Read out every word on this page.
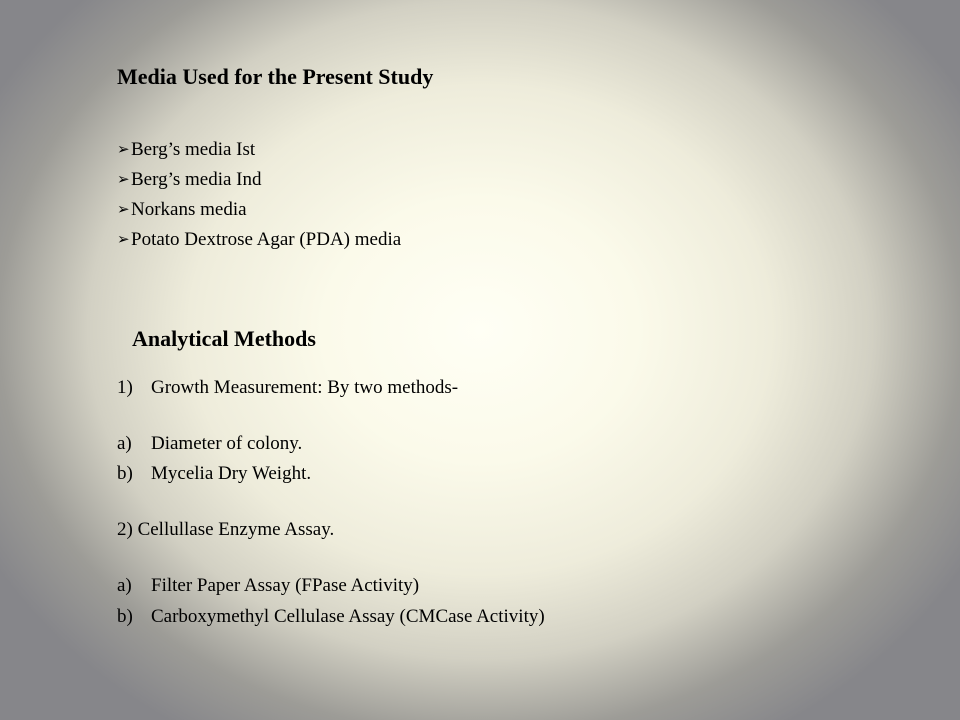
Media Used for the Present Study
➢ Berg’s media Ist
➢ Berg’s media Ind
➢ Norkans media
➢ Potato Dextrose Agar (PDA) media
Analytical Methods
1) Growth Measurement: By two methods-
a) Diameter of colony.
b) Mycelia Dry Weight.
2) Cellullase Enzyme Assay.
a) Filter Paper Assay (FPase Activity)
b) Carboxymethyl Cellulase Assay (CMCase Activity)
